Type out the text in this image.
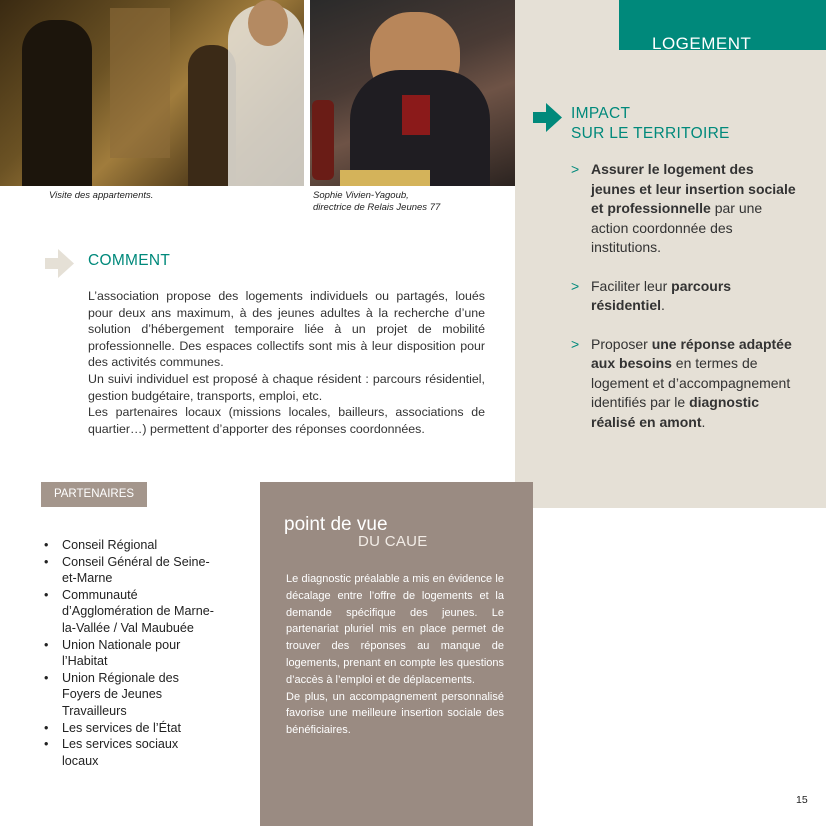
Visite des appartements.	Sophie Vivien-Yagoub,
directrice de Relais Jeunes 77
LOGEMENT
IMPACT
SUR LE TERRITOIRE
> Assurer le logement des jeunes et leur insertion sociale et professionnelle par une action coordonnée des institutions.
> Faciliter leur parcours résidentiel.
> Proposer une réponse adaptée aux besoins en termes de logement et d’accompagnement identifiés par le diagnostic réalisé en amont.
COMMENT

L’association propose des logements individuels ou partagés, loués pour deux ans maximum, à des jeunes adultes à la recherche d’une solution d’hébergement temporaire liée à un projet de mobilité professionnelle. Des espaces collectifs sont mis à leur disposition pour des activités communes.

Un suivi individuel est proposé à chaque résident : parcours résidentiel, gestion budgétaire, transports, emploi, etc.

Les partenaires locaux (missions locales, bailleurs, associations de quartier…) permettent d’apporter des réponses coordonnées.

PARTENAIRES
• Conseil Régional
• Conseil Général de Seine-et-Marne
• Communauté d’Agglomération de Marne-la-Vallée / Val Maubuée
• Union Nationale pour l’Habitat
• Union Régionale des Foyers de Jeunes Travailleurs
• Les services de l’État
• Les services sociaux locaux
point de vue
DU CAUE

Le diagnostic préalable a mis en évidence le décalage entre l’offre de logements et la demande spécifique des jeunes. Le partenariat pluriel mis en place permet de trouver des réponses au manque de logements, prenant en compte les questions d’accès à l’emploi et de déplacements.

De plus, un accompagnement personnalisé favorise une meilleure insertion sociale des bénéficiaires.

15
